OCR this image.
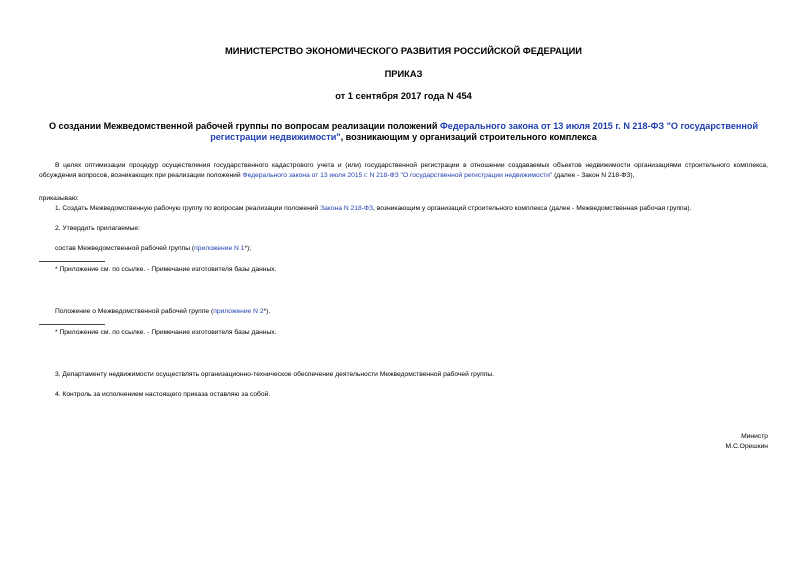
МИНИСТЕРСТВО ЭКОНОМИЧЕСКОГО РАЗВИТИЯ РОССИЙСКОЙ ФЕДЕРАЦИИ

ПРИКАЗ

от 1 сентября 2017 года N 454

О создании Межведомственной рабочей группы по вопросам реализации положений Федерального закона от 13 июля 2015 г. N 218-ФЗ "О государственной регистрации недвижимости", возникающим у организаций строительного комплекса

В целях оптимизации процедур осуществления государственного кадастрового учета и (или) государственной регистрации в отношении создаваемых объектов недвижимости организациями строительного комплекса, обсуждения вопросов, возникающих при реализации положений Федерального закона от 13 июля 2015 г. N 218-ФЗ "О государственной регистрации недвижимости" (далее - Закон N 218-ФЗ),

приказываю:

1. Создать Межведомственную рабочую группу по вопросам реализации положений Закона N 218-ФЗ, возникающим у организаций строительного комплекса (далее - Межведомственная рабочая группа).

2. Утвердить прилагаемые:

состав Межведомственной рабочей группы (приложение N 1*);

* Приложение см. по ссылке. - Примечание изготовителя базы данных.

Положение о Межведомственной рабочей группе (приложение N 2*).

* Приложение см. по ссылке. - Примечание изготовителя базы данных.

3. Департаменту недвижимости осуществлять организационно-техническое обеспечение деятельности Межведомственной рабочей группы.

4. Контроль за исполнением настоящего приказа оставляю за собой.

Министр

М.С.Орешкин
